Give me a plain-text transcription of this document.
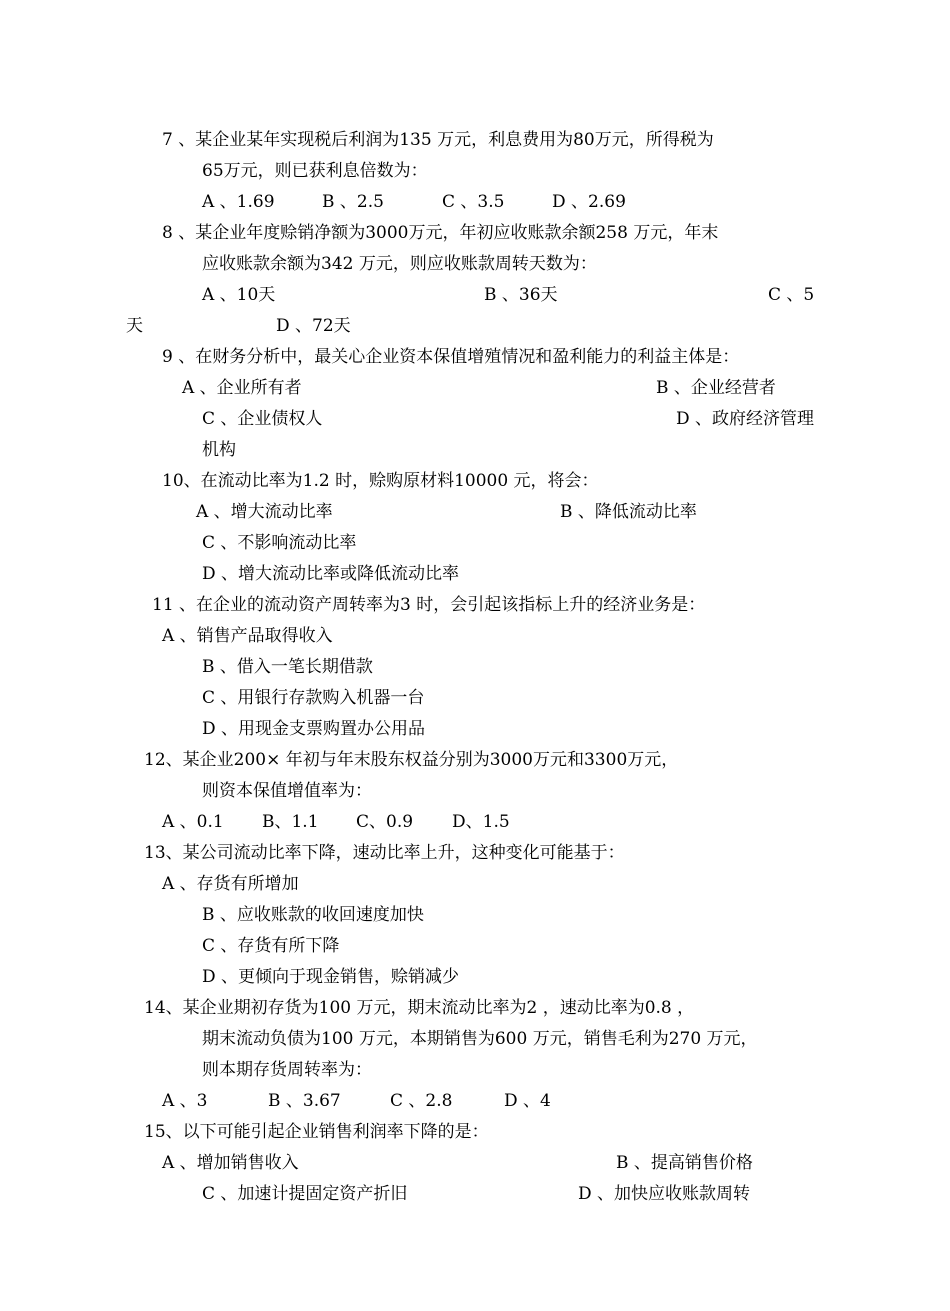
7 、某企业某年实现税后利润为135 万元，利息费用为80万元，所得税为
65万元，则已获利息倍数为：
A 、1.69	B 、2.5	C 、3.5	D 、2.69
8 、某企业年度赊销净额为3000万元，年初应收账款余额258 万元，年末
应收账款余额为342 万元，则应收账款周转天数为：
A 、10天	B 、36天	C 、5
天	D 、72天
9 、在财务分析中，最关心企业资本保值增殖情况和盈利能力的利益主体是：
A 、企业所有者	B 、企业经营者
C 、企业债权人	D 、政府经济管理
机构
10、在流动比率为1.2 时，赊购原材料10000 元，将会：
A 、增大流动比率	B 、降低流动比率
C 、不影响流动比率
D 、增大流动比率或降低流动比率
11 、在企业的流动资产周转率为3 时，会引起该指标上升的经济业务是：
A 、销售产品取得收入
B 、借入一笔长期借款
C 、用银行存款购入机器一台
D 、用现金支票购置办公用品
12、某企业200× 年初与年末股东权益分别为3000万元和3300万元，
则资本保值增值率为：
A 、0.1 B、1.1 C、0.9 D、1.5
13、某公司流动比率下降，速动比率上升，这种变化可能基于：
A 、存货有所增加
B 、应收账款的收回速度加快
C 、存货有所下降
D 、更倾向于现金销售，赊销减少
14、某企业期初存货为100 万元，期末流动比率为2 ，速动比率为0.8 ，
期末流动负债为100 万元，本期销售为600 万元，销售毛利为270 万元，
则本期存货周转率为：
A 、3	B 、3.67	C 、2.8	D 、4
15、以下可能引起企业销售利润率下降的是：
A 、增加销售收入	B 、提高销售价格
C 、加速计提固定资产折旧	D 、加快应收账款周转
